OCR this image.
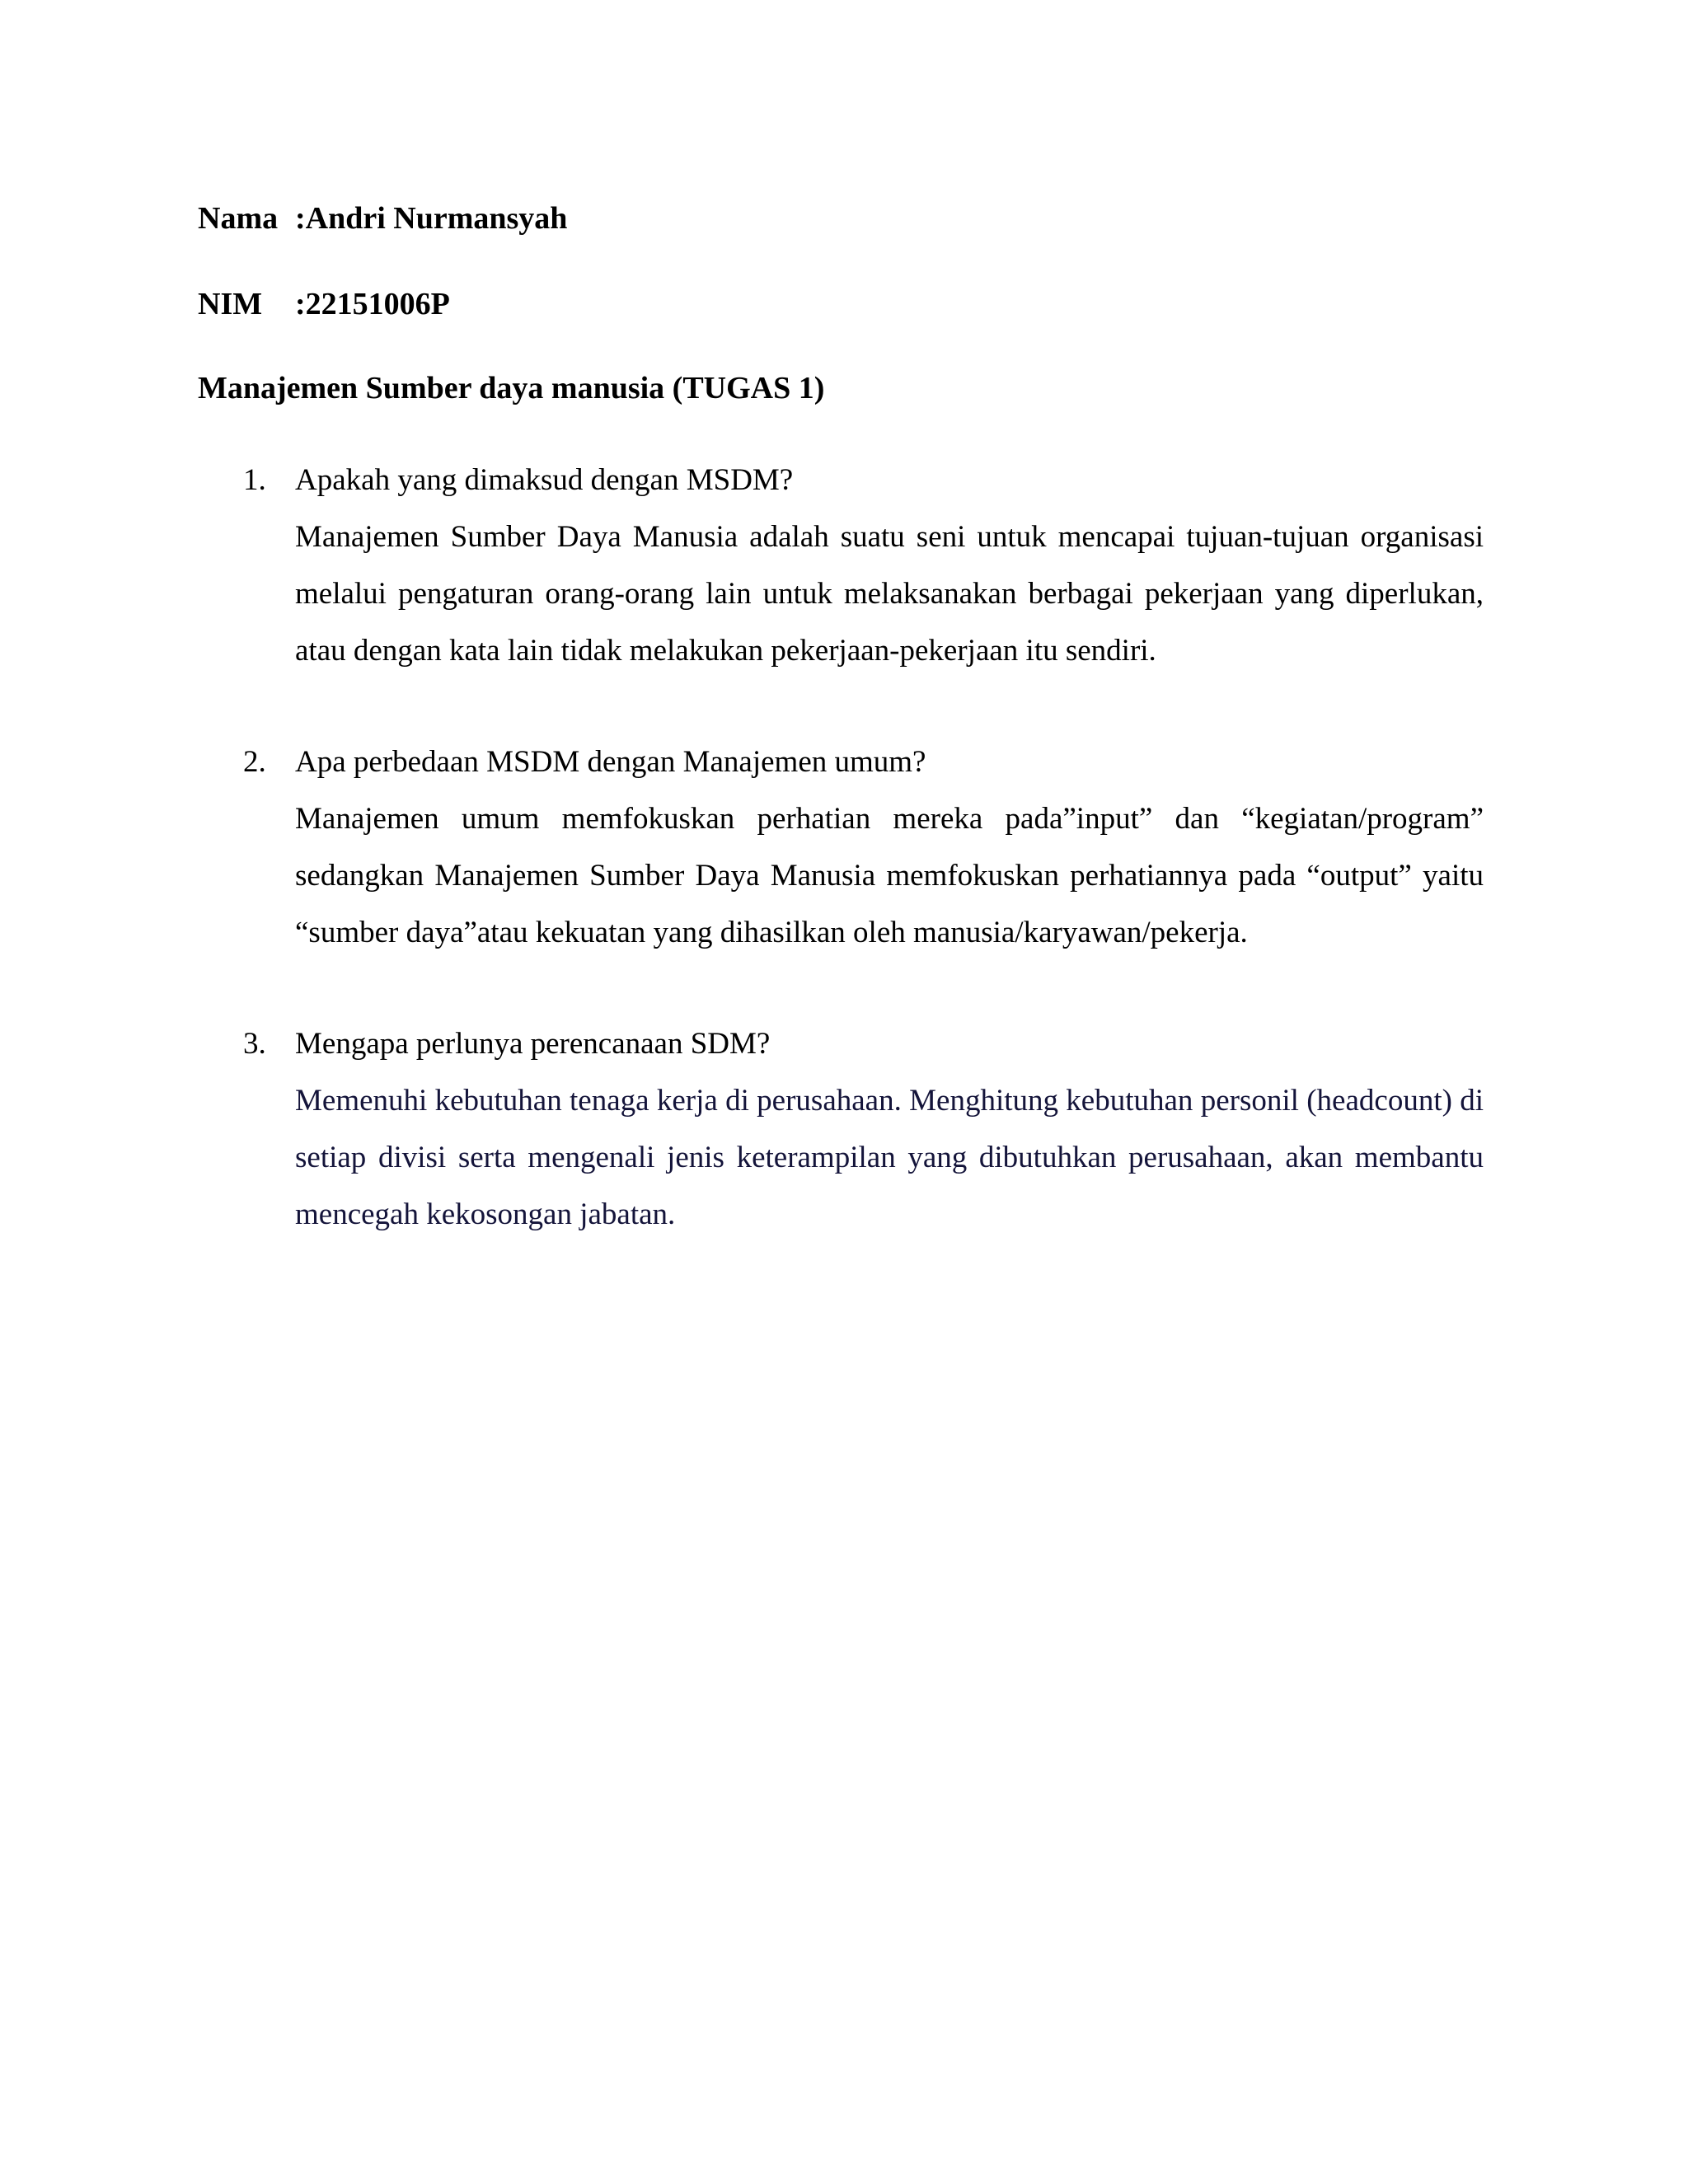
Nama :Andri Nurmansyah
NIM :22151006P
Manajemen Sumber daya manusia (TUGAS 1)
1. Apakah yang dimaksud dengan MSDM?
Manajemen Sumber Daya Manusia adalah suatu seni untuk mencapai tujuan-tujuan organisasi melalui pengaturan orang-orang lain untuk melaksanakan berbagai pekerjaan yang diperlukan, atau dengan kata lain tidak melakukan pekerjaan-pekerjaan itu sendiri.
2. Apa perbedaan MSDM dengan Manajemen umum?
Manajemen umum memfokuskan perhatian mereka pada”input” dan “kegiatan/program” sedangkan Manajemen Sumber Daya Manusia memfokuskan perhatiannya pada “output” yaitu “sumber daya”atau kekuatan yang dihasilkan oleh manusia/karyawan/pekerja.
3. Mengapa perlunya perencanaan SDM?
Memenuhi kebutuhan tenaga kerja di perusahaan. Menghitung kebutuhan personil (headcount) di setiap divisi serta mengenali jenis keterampilan yang dibutuhkan perusahaan, akan membantu mencegah kekosongan jabatan.
